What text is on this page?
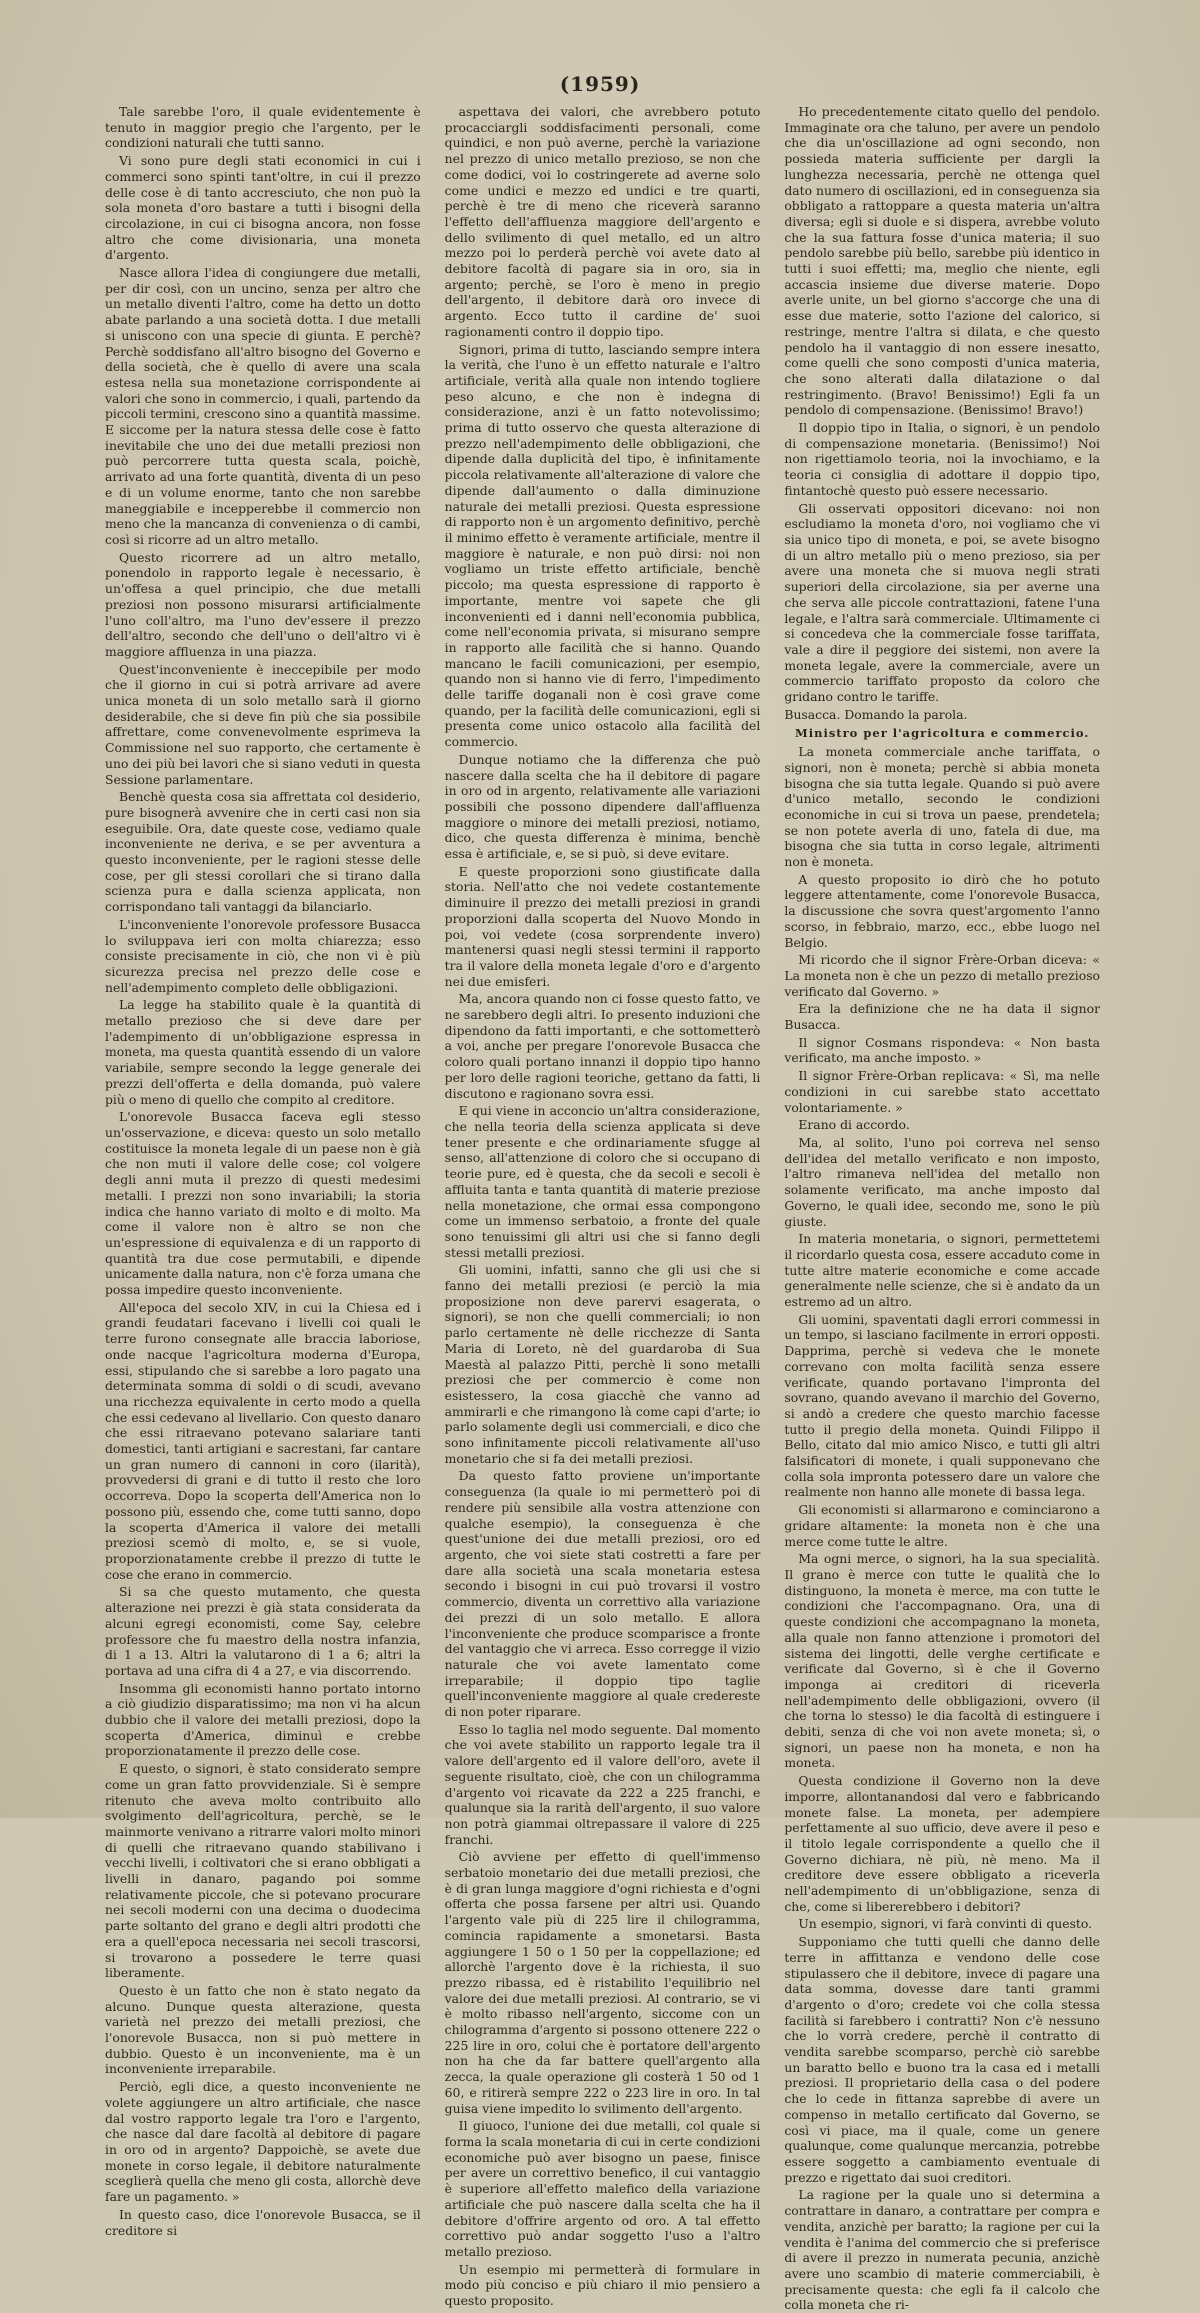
(1959)

Tale sarebbe l'oro, il quale evidentemente è tenuto in maggior pregio che l'argento, per le condizioni naturali che tutti sanno.

Vi sono pure degli stati economici in cui i commerci sono spinti tant'oltre, in cui il prezzo delle cose è di tanto accresciuto, che non può la sola moneta d'oro bastare a tutti i bisogni della circolazione, in cui ci bisogna ancora, non fosse altro che come divisionaria, una moneta d'argento.

Nasce allora l'idea di congiungere due metalli, per dir così, con un uncino, senza per altro che un metallo diventi l'altro, come ha detto un dotto abate parlando a una società dotta. I due metalli si uniscono con una specie di giunta. E perchè? Perchè soddisfano all'altro bisogno del Governo e della società, che è quello di avere una scala estesa nella sua monetazione corrispondente ai valori che sono in commercio, i quali, partendo da piccoli termini, crescono sino a quantità massime. E siccome per la natura stessa delle cose è fatto inevitabile che uno dei due metalli preziosi non può percorrere tutta questa scala, poichè, arrivato ad una forte quantità, diventa di un peso e di un volume enorme, tanto che non sarebbe maneggiabile e incepperebbe il commercio non meno che la mancanza di convenienza o di cambi, così si ricorre ad un altro metallo.

Questo ricorrere ad un altro metallo, ponendolo in rapporto legale è necessario, è un'offesa a quel principio, che due metalli preziosi non possono misurarsi artificialmente l'uno coll'altro, ma l'uno dev'essere il prezzo dell'altro, secondo che dell'uno o dell'altro vi è maggiore affluenza in una piazza.

Quest'inconveniente è ineccepibile per modo che il giorno in cui si potrà arrivare ad avere unica moneta di un solo metallo sarà il giorno desiderabile, che si deve fin più che sia possibile affrettare, come convenevolmente esprimeva la Commissione nel suo rapporto, che certamente è uno dei più bei lavori che si siano veduti in questa Sessione parlamentare.

Benchè questa cosa sia affrettata col desiderio, pure bisognerà avvenire che in certi casi non sia eseguibile. Ora, date queste cose, vediamo quale inconveniente ne deriva, e se per avventura a questo inconveniente, per le ragioni stesse delle cose, per gli stessi corollari che si tirano dalla scienza pura e dalla scienza applicata, non corrispondano tali vantaggi da bilanciarlo.

L'inconveniente l'onorevole professore Busacca lo sviluppava ieri con molta chiarezza; esso consiste precisamente in ciò, che non vi è più sicurezza precisa nel prezzo delle cose e nell'adempimento completo delle obbligazioni.

La legge ha stabilito quale è la quantità di metallo prezioso che si deve dare per l'adempimento di un'obbligazione espressa in moneta, ma questa quantità essendo di un valore variabile, sempre secondo la legge generale dei prezzi dell'offerta e della domanda, può valere più o meno di quello che compito al creditore.

L'onorevole Busacca faceva egli stesso un'osservazione, e diceva: questo un solo metallo costituisce la moneta legale di un paese non è già che non muti il valore delle cose; col volgere degli anni muta il prezzo di questi medesimi metalli. I prezzi non sono invariabili; la storia indica che hanno variato di molto e di molto. Ma come il valore non è altro se non che un'espressione di equivalenza e di un rapporto di quantità tra due cose permutabili, e dipende unicamente dalla natura, non c'è forza umana che possa impedire questo inconveniente.

All'epoca del secolo XIV, in cui la Chiesa ed i grandi feudatari facevano i livelli coi quali le terre furono consegnate alle braccia laboriose, onde nacque l'agricoltura moderna d'Europa, essi, stipulando che si sarebbe a loro pagato una determinata somma di soldi o di scudi, avevano una ricchezza equivalente in certo modo a quella che essi cedevano al livellario. Con questo danaro che essi ritraevano potevano salariare tanti domestici, tanti artigiani e sacrestani, far cantare un gran numero di cannoni in coro (ilarità), provvedersi di grani e di tutto il resto che loro occorreva. Dopo la scoperta dell'America non lo possono più, essendo che, come tutti sanno, dopo la scoperta d'America il valore dei metalli preziosi scemò di molto, e, se si vuole, proporzionatamente crebbe il prezzo di tutte le cose che erano in commercio.

Si sa che questo mutamento, che questa alterazione nei prezzi è già stata considerata da alcuni egregi economisti, come Say, celebre professore che fu maestro della nostra infanzia, di 1 a 13. Altri la valutarono di 1 a 6; altri la portava ad una cifra di 4 a 27, e via discorrendo.

Insomma gli economisti hanno portato intorno a ciò giudizio disparatissimo; ma non vi ha alcun dubbio che il valore dei metalli preziosi, dopo la scoperta d'America, diminuì e crebbe proporzionatamente il prezzo delle cose.

E questo, o signori, è stato considerato sempre come un gran fatto provvidenziale. Si è sempre ritenuto che aveva molto contribuito allo svolgimento dell'agricoltura, perchè, se le mainmorte venivano a ritrarre valori molto minori di quelli che ritraevano quando stabilivano i vecchi livelli, i coltivatori che si erano obbligati a livelli in danaro, pagando poi somme relativamente piccole, che si potevano procurare nei secoli moderni con una decima o duodecima parte soltanto del grano e degli altri prodotti che era a quell'epoca necessaria nei secoli trascorsi, si trovarono a possedere le terre quasi liberamente.

Questo è un fatto che non è stato negato da alcuno. Dunque questa alterazione, questa varietà nel prezzo dei metalli preziosi, che l'onorevole Busacca, non si può mettere in dubbio. Questo è un inconveniente, ma è un inconveniente irreparabile.

Perciò, egli dice, a questo inconveniente ne volete aggiungere un altro artificiale, che nasce dal vostro rapporto legale tra l'oro e l'argento, che nasce dal dare facoltà al debitore di pagare in oro od in argento? Dappoichè, se avete due monete in corso legale, il debitore naturalmente sceglierà quella che meno gli costa, allorchè deve fare un pagamento. »

In questo caso, dice l'onorevole Busacca, se il creditore si

aspettava dei valori, che avrebbero potuto procacciargli soddisfacimenti personali, come quindici, e non può averne, perchè la variazione nel prezzo di unico metallo prezioso, se non che come dodici, voi lo costringerete ad averne solo come undici e mezzo ed undici e tre quarti, perchè è tre di meno che riceverà saranno l'effetto dell'affluenza maggiore dell'argento e dello svilimento di quel metallo, ed un altro mezzo poi lo perderà perchè voi avete dato al debitore facoltà di pagare sia in oro, sia in argento; perchè, se l'oro è meno in pregio dell'argento, il debitore darà oro invece di argento. Ecco tutto il cardine de' suoi ragionamenti contro il doppio tipo.

Signori, prima di tutto, lasciando sempre intera la verità, che l'uno è un effetto naturale e l'altro artificiale, verità alla quale non intendo togliere peso alcuno, e che non è indegna di considerazione, anzi è un fatto notevolissimo; prima di tutto osservo che questa alterazione di prezzo nell'adempimento delle obbligazioni, che dipende dalla duplicità del tipo, è infinitamente piccola relativamente all'alterazione di valore che dipende dall'aumento o dalla diminuzione naturale dei metalli preziosi. Questa espressione di rapporto non è un argomento definitivo, perchè il minimo effetto è veramente artificiale, mentre il maggiore è naturale, e non può dirsi: noi non vogliamo un triste effetto artificiale, benchè piccolo; ma questa espressione di rapporto è importante, mentre voi sapete che gli inconvenienti ed i danni nell'economia pubblica, come nell'economia privata, si misurano sempre in rapporto alle facilità che si hanno. Quando mancano le facili comunicazioni, per esempio, quando non si hanno vie di ferro, l'impedimento delle tariffe doganali non è così grave come quando, per la facilità delle comunicazioni, egli si presenta come unico ostacolo alla facilità del commercio.

Dunque notiamo che la differenza che può nascere dalla scelta che ha il debitore di pagare in oro od in argento, relativamente alle variazioni possibili che possono dipendere dall'affluenza maggiore o minore dei metalli preziosi, notiamo, dico, che questa differenza è minima, benchè essa è artificiale, e, se si può, si deve evitare.

E queste proporzioni sono giustificate dalla storia. Nell'atto che noi vedete costantemente diminuire il prezzo dei metalli preziosi in grandi proporzioni dalla scoperta del Nuovo Mondo in poi, voi vedete (cosa sorprendente invero) mantenersi quasi negli stessi termini il rapporto tra il valore della moneta legale d'oro e d'argento nei due emisferi.

Ma, ancora quando non ci fosse questo fatto, ve ne sarebbero degli altri. Io presento induzioni che dipendono da fatti importanti, e che sottometterò a voi, anche per pregare l'onorevole Busacca che coloro quali portano innanzi il doppio tipo hanno per loro delle ragioni teoriche, gettano da fatti, li discutono e ragionano sovra essi.

E qui viene in acconcio un'altra considerazione, che nella teoria della scienza applicata si deve tener presente e che ordinariamente sfugge al senso, all'attenzione di coloro che si occupano di teorie pure, ed è questa, che da secoli e secoli è affluita tanta e tanta quantità di materie preziose nella monetazione, che ormai essa compongono come un immenso serbatoio, a fronte del quale sono tenuissimi gli altri usi che si fanno degli stessi metalli preziosi.

Gli uomini, infatti, sanno che gli usi che si fanno dei metalli preziosi (e perciò la mia proposizione non deve parervi esagerata, o signori), se non che quelli commerciali; io non parlo certamente nè delle ricchezze di Santa Maria di Loreto, nè del guardaroba di Sua Maestà al palazzo Pitti, perchè li sono metalli preziosi che per commercio è come non esistessero, la cosa giacchè che vanno ad ammirarli e che rimangono là come capi d'arte; io parlo solamente degli usi commerciali, e dico che sono infinitamente piccoli relativamente all'uso monetario che si fa dei metalli preziosi.

Da questo fatto proviene un'importante conseguenza (la quale io mi permetterò poi di rendere più sensibile alla vostra attenzione con qualche esempio), la conseguenza è che quest'unione dei due metalli preziosi, oro ed argento, che voi siete stati costretti a fare per dare alla società una scala monetaria estesa secondo i bisogni in cui può trovarsi il vostro commercio, diventa un correttivo alla variazione dei prezzi di un solo metallo. E allora l'inconveniente che produce scomparisce a fronte del vantaggio che vi arreca. Esso corregge il vizio naturale che voi avete lamentato come irreparabile; il doppio tipo taglie quell'inconveniente maggiore al quale credereste di non poter riparare.

Esso lo taglia nel modo seguente. Dal momento che voi avete stabilito un rapporto legale tra il valore dell'argento ed il valore dell'oro, avete il seguente risultato, cioè, che con un chilogramma d'argento voi ricavate da 222 a 225 franchi, e qualunque sia la rarità dell'argento, il suo valore non potrà giammai oltrepassare il valore di 225 franchi.

Ciò avviene per effetto di quell'immenso serbatoio monetario dei due metalli preziosi, che è di gran lunga maggiore d'ogni richiesta e d'ogni offerta che possa farsene per altri usi. Quando l'argento vale più di 225 lire il chilogramma, comincia rapidamente a smonetarsi. Basta aggiungere 1 50 o 1 50 per la coppellazione; ed allorchè l'argento dove è la richiesta, il suo prezzo ribassa, ed è ristabilito l'equilibrio nel valore dei due metalli preziosi. Al contrario, se vi è molto ribasso nell'argento, siccome con un chilogramma d'argento si possono ottenere 222 o 225 lire in oro, colui che è portatore dell'argento non ha che da far battere quell'argento alla zecca, la quale operazione gli costerà 1 50 od 1 60, e ritirerà sempre 222 o 223 lire in oro. In tal guisa viene impedito lo svilimento dell'argento.

Il giuoco, l'unione dei due metalli, col quale si forma la scala monetaria di cui in certe condizioni economiche può aver bisogno un paese, finisce per avere un correttivo benefico, il cui vantaggio è superiore all'effetto malefico della variazione artificiale che può nascere dalla scelta che ha il debitore d'offrire argento od oro. A tal effetto correttivo può andar soggetto l'uso a l'altro metallo prezioso.

Un esempio mi permetterà di formulare in modo più conciso e più chiaro il mio pensiero a questo proposito.

Ho precedentemente citato quello del pendolo. Immaginate ora che taluno, per avere un pendolo che dia un'oscillazione ad ogni secondo, non possieda materia sufficiente per dargli la lunghezza necessaria, perchè ne ottenga quel dato numero di oscillazioni, ed in conseguenza sia obbligato a rattoppare a questa materia un'altra diversa; egli si duole e si dispera, avrebbe voluto che la sua fattura fosse d'unica materia; il suo pendolo sarebbe più bello, sarebbe più identico in tutti i suoi effetti; ma, meglio che niente, egli accascia insieme due diverse materie. Dopo averle unite, un bel giorno s'accorge che una di esse due materie, sotto l'azione del calorico, si restringe, mentre l'altra si dilata, e che questo pendolo ha il vantaggio di non essere inesatto, come quelli che sono composti d'unica materia, che sono alterati dalla dilatazione o dal restringimento. (Bravo! Benissimo!) Egli fa un pendolo di compensazione. (Benissimo! Bravo!)

Il doppio tipo in Italia, o signori, è un pendolo di compensazione monetaria. (Benissimo!) Noi non rigettiamolo teoria, noi la invochiamo, e la teoria ci consiglia di adottare il doppio tipo, fintantochè questo può essere necessario.

Gli osservati oppositori dicevano: noi non escludiamo la moneta d'oro, noi vogliamo che vi sia unico tipo di moneta, e poi, se avete bisogno di un altro metallo più o meno prezioso, sia per avere una moneta che si muova negli strati superiori della circolazione, sia per averne una che serva alle piccole contrattazioni, fatene l'una legale, e l'altra sarà commerciale. Ultimamente ci si concedeva che la commerciale fosse tariffata, vale a dire il peggiore dei sistemi, non avere la moneta legale, avere la commerciale, avere un commercio tariffato proposto da coloro che gridano contro le tariffe.

Busacca. Domando la parola.

Ministro per l'agricoltura e commercio.

La moneta commerciale anche tariffata, o signori, non è moneta; perchè si abbia moneta bisogna che sia tutta legale. Quando si può avere d'unico metallo, secondo le condizioni economiche in cui si trova un paese, prendetela; se non potete averla di uno, fatela di due, ma bisogna che sia tutta in corso legale, altrimenti non è moneta.

A questo proposito io dirò che ho potuto leggere attentamente, come l'onorevole Busacca, la discussione che sovra quest'argomento l'anno scorso, in febbraio, marzo, ecc., ebbe luogo nel Belgio.

Mi ricordo che il signor Frère-Orban diceva: « La moneta non è che un pezzo di metallo prezioso verificato dal Governo. »

Era la definizione che ne ha data il signor Busacca.

Il signor Cosmans rispondeva: « Non basta verificato, ma anche imposto. »

Il signor Frère-Orban replicava: « Sì, ma nelle condizioni in cui sarebbe stato accettato volontariamente. »

Erano di accordo.

Ma, al solito, l'uno poi correva nel senso dell'idea del metallo verificato e non imposto, l'altro rimaneva nell'idea del metallo non solamente verificato, ma anche imposto dal Governo, le quali idee, secondo me, sono le più giuste.

In materia monetaria, o signori, permettetemi il ricordarlo questa cosa, essere accaduto come in tutte altre materie economiche e come accade generalmente nelle scienze, che si è andato da un estremo ad un altro.

Gli uomini, spaventati dagli errori commessi in un tempo, si lasciano facilmente in errori opposti. Dapprima, perchè si vedeva che le monete correvano con molta facilità senza essere verificate, quando portavano l'impronta del sovrano, quando avevano il marchio del Governo, si andò a credere che questo marchio facesse tutto il pregio della moneta. Quindi Filippo il Bello, citato dal mio amico Nisco, e tutti gli altri falsificatori di monete, i quali supponevano che colla sola impronta potessero dare un valore che realmente non hanno alle monete di bassa lega.

Gli economisti si allarmarono e cominciarono a gridare altamente: la moneta non è che una merce come tutte le altre.

Ma ogni merce, o signori, ha la sua specialità. Il grano è merce con tutte le qualità che lo distinguono, la moneta è merce, ma con tutte le condizioni che l'accompagnano. Ora, una di queste condizioni che accompagnano la moneta, alla quale non fanno attenzione i promotori del sistema dei lingotti, delle verghe certificate e verificate dal Governo, sì è che il Governo imponga ai creditori di riceverla nell'adempimento delle obbligazioni, ovvero (il che torna lo stesso) le dia facoltà di estinguere i debiti, senza di che voi non avete moneta; sì, o signori, un paese non ha moneta, e non ha moneta.

Questa condizione il Governo non la deve imporre, allontanandosi dal vero e fabbricando monete false. La moneta, per adempiere perfettamente al suo ufficio, deve avere il peso e il titolo legale corrispondente a quello che il Governo dichiara, nè più, nè meno. Ma il creditore deve essere obbligato a riceverla nell'adempimento di un'obbligazione, senza di che, come si libererebbero i debitori?

Un esempio, signori, vi farà convinti di questo.

Supponiamo che tutti quelli che danno delle terre in affittanza e vendono delle cose stipulassero che il debitore, invece di pagare una data somma, dovesse dare tanti grammi d'argento o d'oro; credete voi che colla stessa facilità si farebbero i contratti? Non c'è nessuno che lo vorrà credere, perchè il contratto di vendita sarebbe scomparso, perchè ciò sarebbe un baratto bello e buono tra la casa ed i metalli preziosi. Il proprietario della casa o del podere che lo cede in fittanza saprebbe di avere un compenso in metallo certificato dal Governo, se così vi piace, ma il quale, come un genere qualunque, come qualunque mercanzia, potrebbe essere soggetto a cambiamento eventuale di prezzo e rigettato dai suoi creditori.

La ragione per la quale uno si determina a contrattare in danaro, a contrattare per compra e vendita, anzichè per baratto; la ragione per cui la vendita è l'anima del commercio che si preferisce di avere il prezzo in numerata pecunia, anzichè avere uno scambio di materie commerciabili, è precisamente questa: che egli fa il calcolo che colla moneta che ri-
